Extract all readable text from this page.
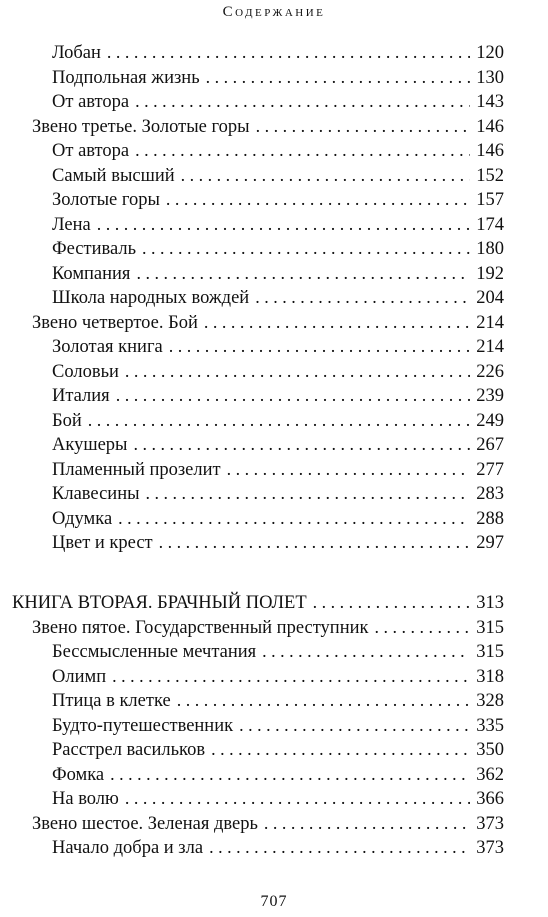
Содержание
Лобан . . .	120
Подпольная жизнь . . .	130
От автора . . .	143
Звено третье. Золотые горы . . .	146
От автора . . .	146
Самый высший . . .	152
Золотые горы . . .	157
Лена . . .	174
Фестиваль . . .	180
Компания . . .	192
Школа народных вождей . . .	204
Звено четвертое. Бой . . .	214
Золотая книга . . .	214
Соловьи . . .	226
Италия . . .	239
Бой . . .	249
Акушеры . . .	267
Пламенный прозелит . . .	277
Клавесины . . .	283
Одумка . . .	288
Цвет и крест . . .	297
КНИГА ВТОРАЯ. БРАЧНЫЙ ПОЛЕТ . . .	313
Звено пятое. Государственный преступник . . .	315
Бессмысленные мечтания . . .	315
Олимп . . .	318
Птица в клетке . . .	328
Будто-путешественник . . .	335
Расстрел васильков . . .	350
Фомка . . .	362
На волю . . .	366
Звено шестое. Зеленая дверь . . .	373
Начало добра и зла . . .	373
707
